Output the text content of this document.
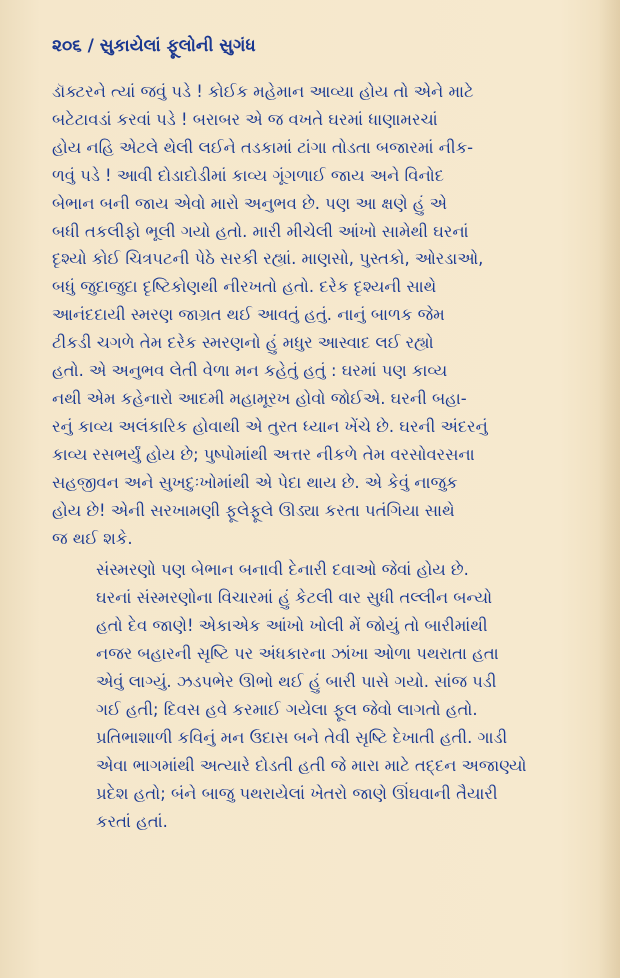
૨૦૬ / સુકાયેલાં ફૂલોની સુગંધ

ડૉક્ટરને ત્યાં જવું પડે ! કોઈક મહેમાન આવ્યા હોય તો એને માટે
બટેટાવડાં કરવાં પડે ! બરાબર એ જ વખતે ઘરમાં ધાણામરચાં
હોય નહિ એટલે થેલી લઈને તડકામાં ટાંગા તોડતા બજારમાં નીક-
ળવું પડે ! આવી દોડાદોડીમાં કાવ્ય ગૂંગળાઈ જાય અને વિનોદ
બેભાન બની જાય એવો મારો અનુભવ છે. પણ આ ક્ષણે હું એ
બધી તકલીફો ભૂલી ગયો હતો. મારી મીચેલી આંખો સામેથી ઘરનાં
દૃશ્યો કોઈ ચિત્રપટની પેઠે સરકી રહ્યાં. માણસો, પુસ્તકો, ઓરડાઓ,
બધું જુદાજુદા દૃષ્ટિકોણથી નીરખતો હતો. દરેક દૃશ્યની સાથે
આનંદદાયી સ્મરણ જાગ્રત થઈ આવતું હતું. નાનું બાળક જેમ
ટીકડી ચગળે તેમ દરેક સ્મરણનો હું મધુર આસ્વાદ લઈ રહ્યો
હતો. એ અનુભવ લેતી વેળા મન કહેતું હતું : ઘરમાં પણ કાવ્ય
નથી એમ કહેનારો આદમી મહામૂરખ હોવો જોઈએ. ઘરની બહા-
રનું કાવ્ય અલંકારિક હોવાથી એ તુરત ધ્યાન ખેંચે છે. ઘરની અંદરનું
કાવ્ય રસભર્યું હોય છે; પુષ્પોમાંથી અત્તર નીકળે તેમ વરસોવરસના
સહજીવન અને સુખદુઃખોમાંથી એ પેદા થાય છે. એ કેવું નાજુક
હોય છે! એની સરખામણી ફૂલેફૂલે ઊડ્યા કરતા પતંગિયા સાથે
જ થઈ શકે.

સંસ્મરણો પણ બેભાન બનાવી દેનારી દવાઓ જેવાં હોય છે.
ઘરનાં સંસ્મરણોના વિચારમાં હું કેટલી વાર સુધી તલ્લીન બન્યો
હતો દેવ જાણે! એકાએક આંખો ખોલી મેં જોયું તો બારીમાંથી
નજર બહારની સૃષ્ટિ પર અંધકારના ઝાંખા ઓળા પથરાતા હતા
એવું લાગ્યું. ઝડપભેર ઊભો થઈ હું બારી પાસે ગયો. સાંજ પડી
ગઈ હતી; દિવસ હવે કરમાઈ ગયેલા ફૂલ જેવો લાગતો હતો.
પ્રતિભાશાળી કવિનું મન ઉદાસ બને તેવી સૃષ્ટિ દેખાતી હતી. ગાડી
એવા ભાગમાંથી અત્યારે દોડતી હતી જે મારા માટે તદ્દન અજાણ્યો
પ્રદેશ હતો; બંને બાજુ પથરાયેલાં ખેતરો જાણે ઊંઘવાની તૈયારી
કરતાં હતાં.
